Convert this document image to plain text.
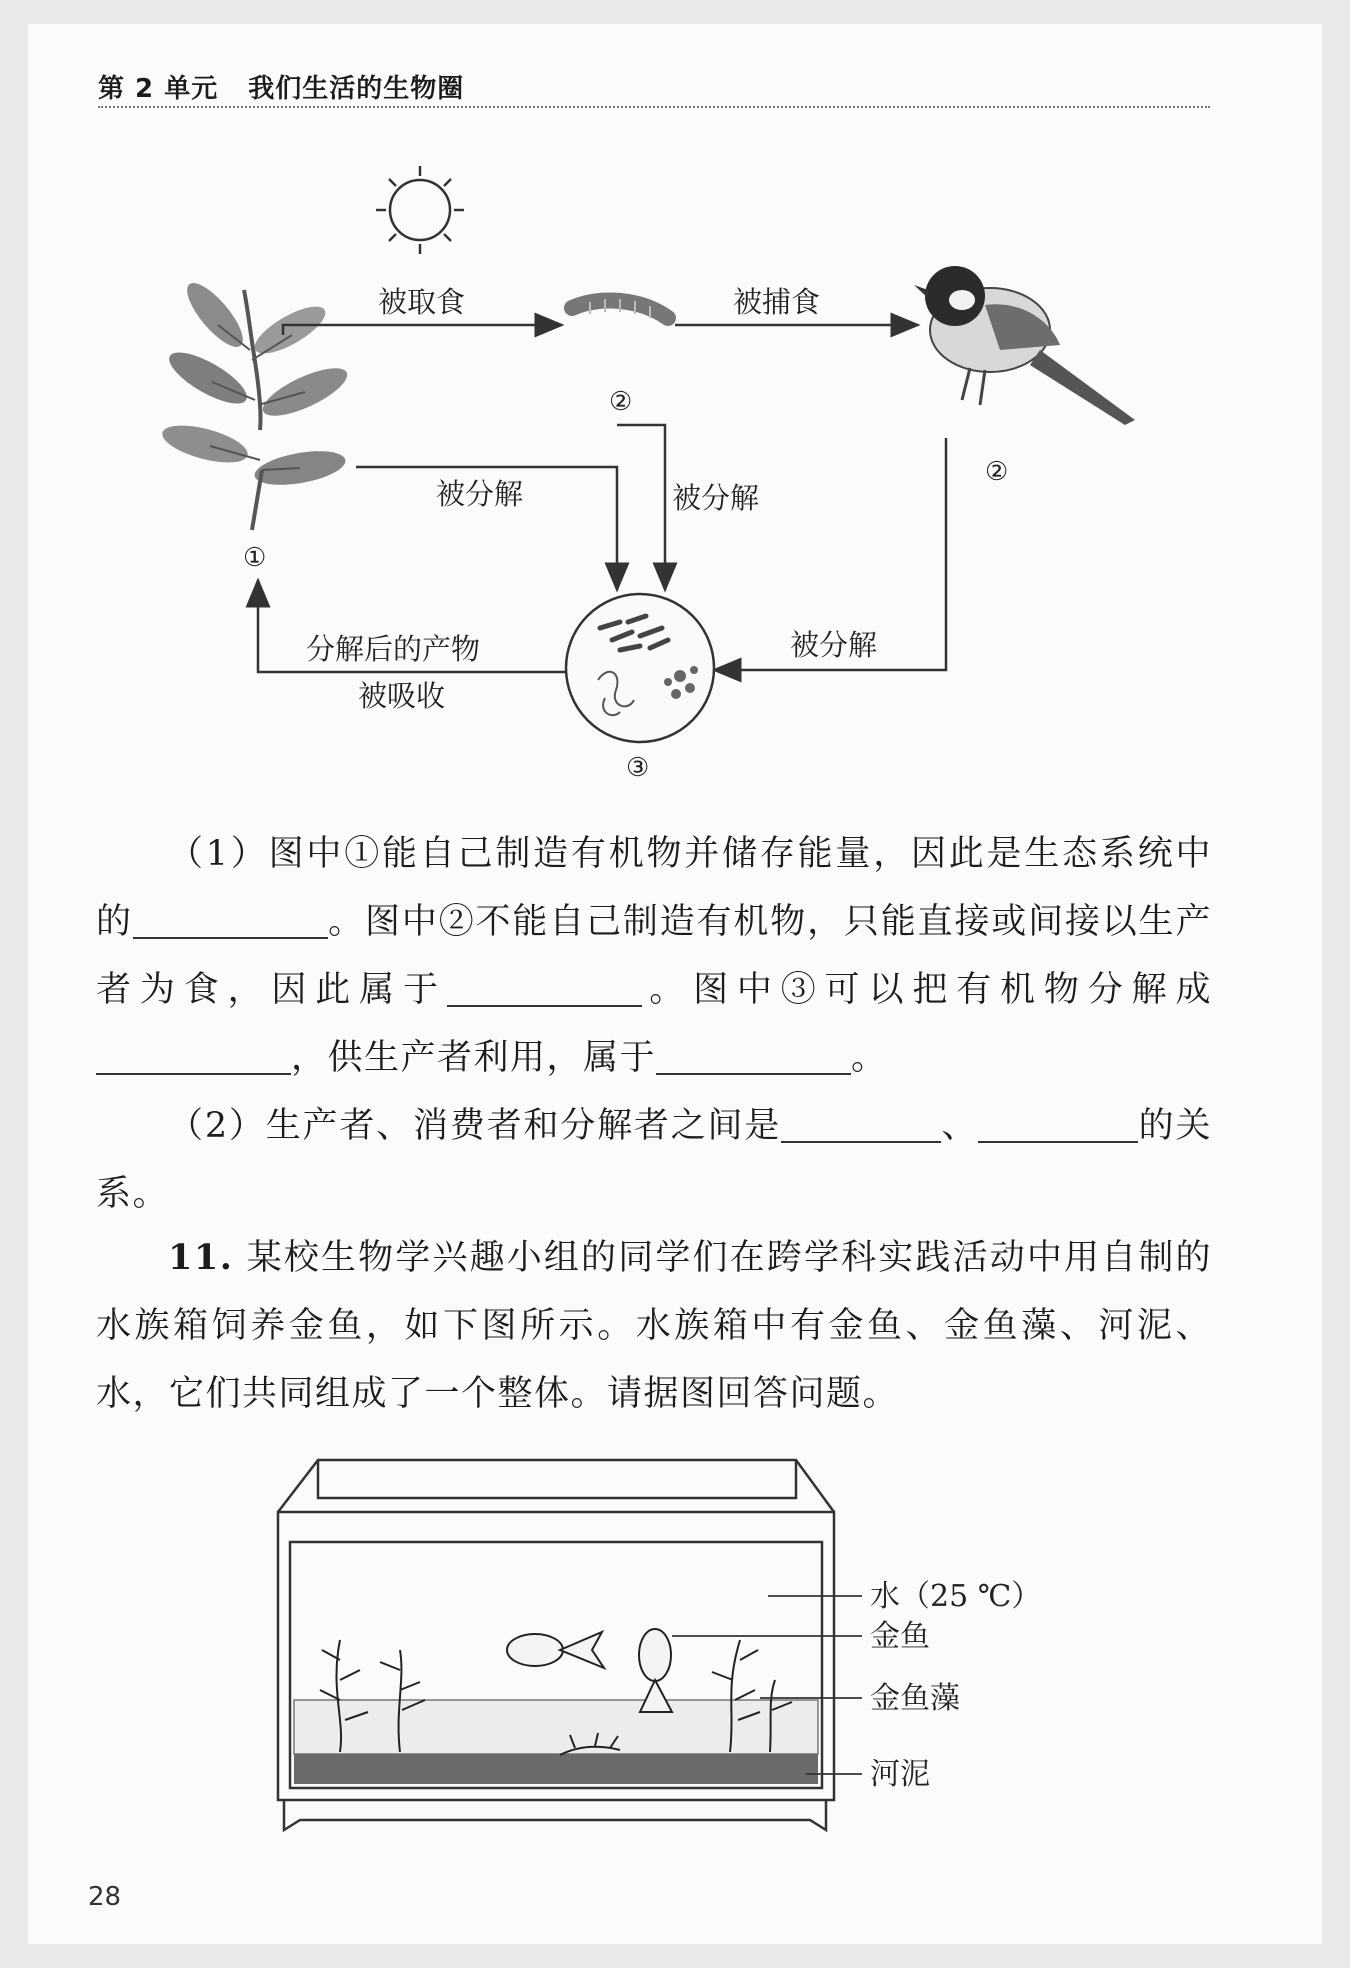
第 2 单元 我们生活的生物圈
被取食	被捕食
被分解	被分解
被分解
分解后的产物
被吸收
①
②
②
③

（1）图中①能自己制造有机物并储存能量，因此是生态系统中的	。图中②不能自己制造有机物，只能直接或间接以生产者为食，因此属于	。图中③可以把有机物分解成，供生产者利用，属于	。

（2）生产者、消费者和分解者之间是	、	的关系。

11. 某校生物学兴趣小组的同学们在跨学科实践活动中用自制的水族箱饲养金鱼，如下图所示。水族箱中有金鱼、金鱼藻、河泥、水，它们共同组成了一个整体。请据图回答问题。

水（25 ℃）
金鱼
金鱼藻
河泥
28
